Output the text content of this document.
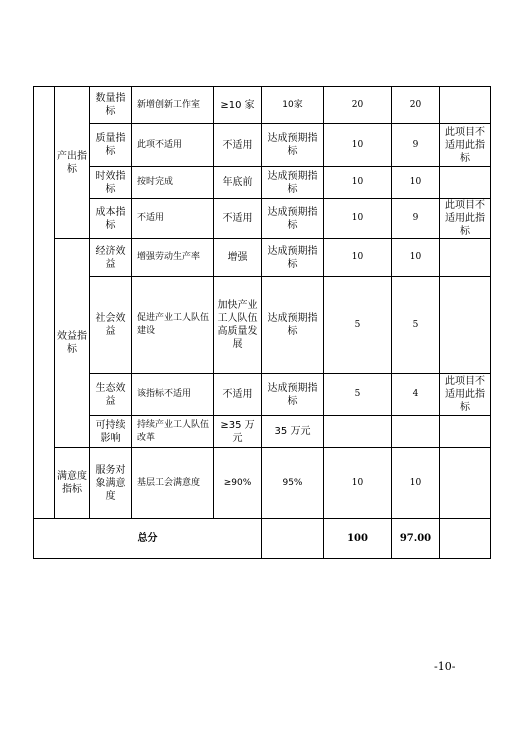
	产出指标	数量指标	新增创新工作室	≥10 家	10家	20	20	
		质量指标	此项不适用	不适用	达成预期指标	10	9	此项目不适用此指标
		时效指标	按时完成	年底前	达成预期指标	10	10	
		成本指标	不适用	不适用	达成预期指标	10	9	此项目不适用此指标
	效益指标	经济效益	增强劳动生产率	增强	达成预期指标	10	10	
		社会效益	促进产业工人队伍建设	加快产业工人队伍高质量发展	达成预期指标	5	5	
		生态效益	该指标不适用	不适用	达成预期指标	5	4	此项目不适用此指标
		可持续影响	持续产业工人队伍改革	≥35 万元	35 万元			
	满意度指标	服务对象满意度	基层工会满意度	≥90%	95%	10	10	
总分						100	97.00	
-10-
